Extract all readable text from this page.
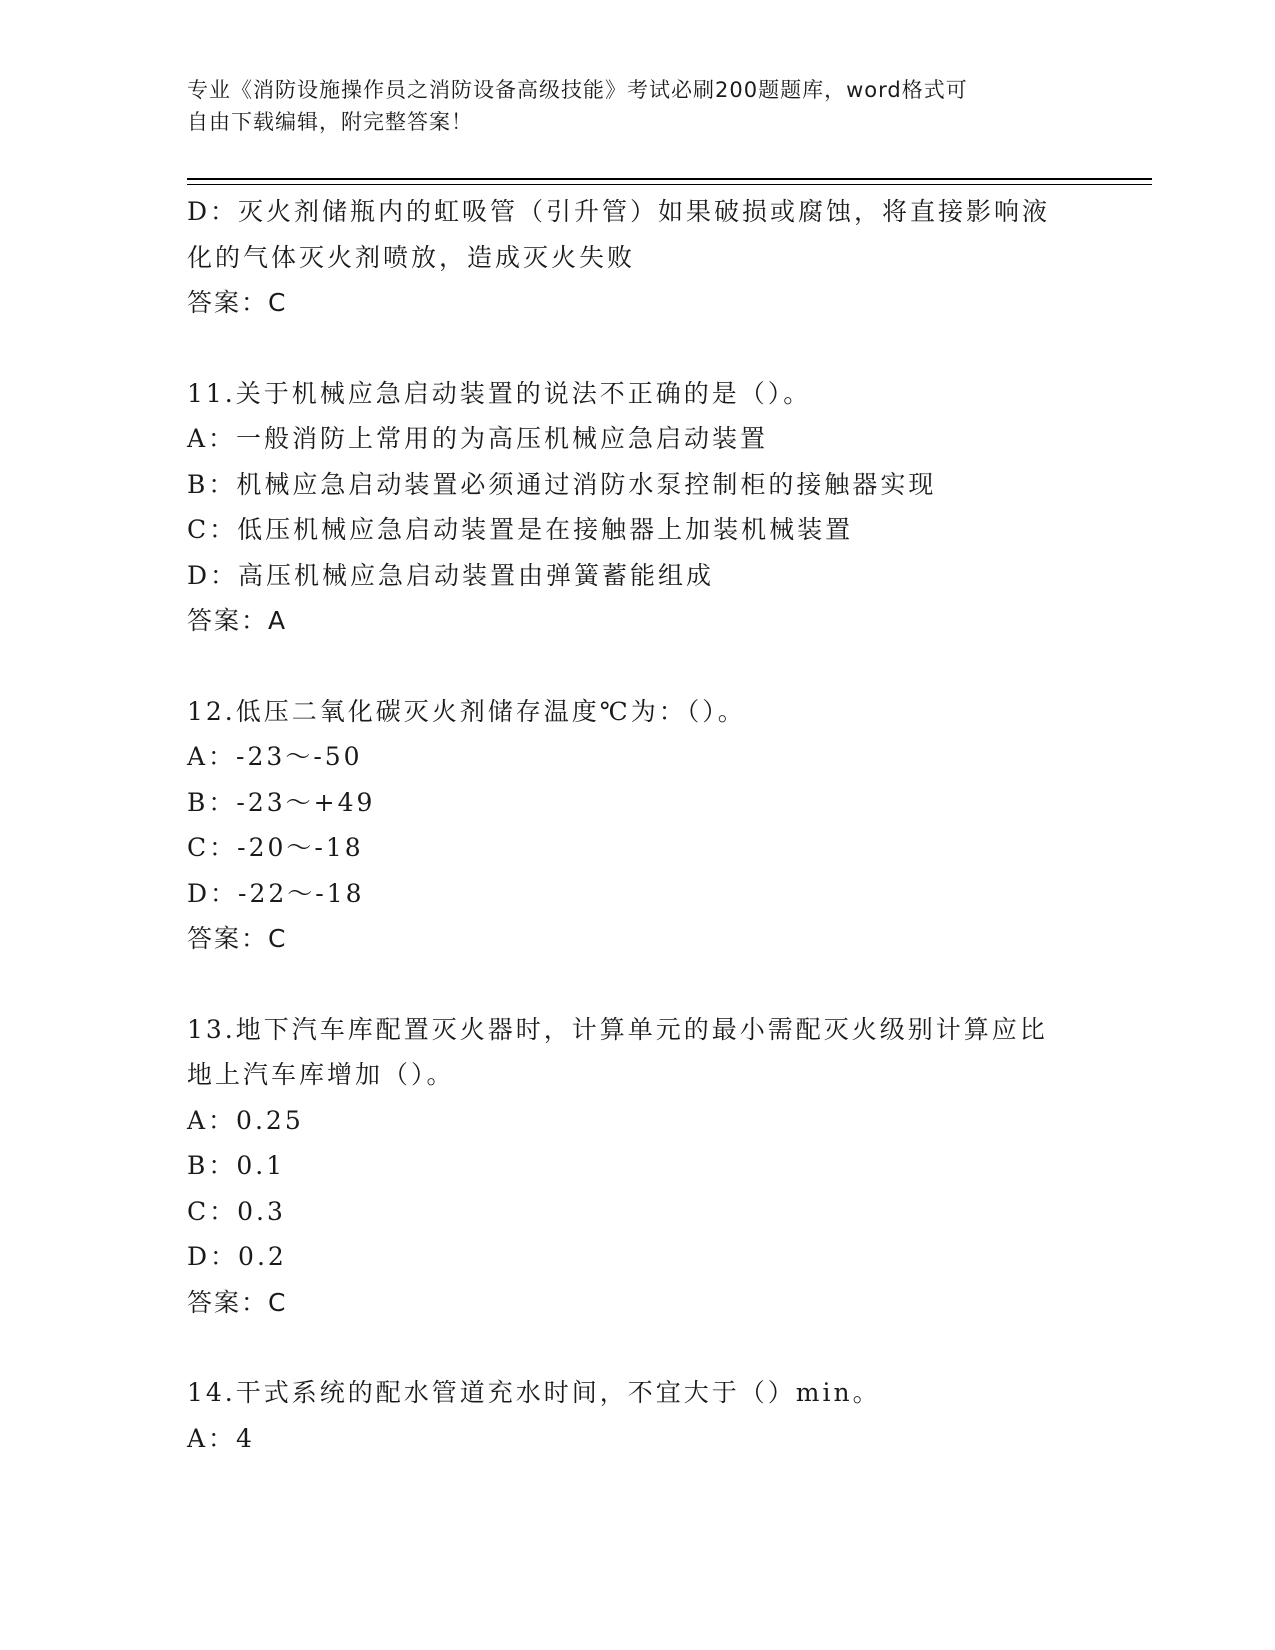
专业《消防设施操作员之消防设备高级技能》考试必刷200题题库，word格式可
自由下载编辑，附完整答案！
D：灭火剂储瓶内的虹吸管（引升管）如果破损或腐蚀，将直接影响液
化的气体灭火剂喷放，造成灭火失败
答案：C
11.关于机械应急启动装置的说法不正确的是（）。
A：一般消防上常用的为高压机械应急启动装置
B：机械应急启动装置必须通过消防水泵控制柜的接触器实现
C：低压机械应急启动装置是在接触器上加装机械装置
D：高压机械应急启动装置由弹簧蓄能组成
答案：A
12.低压二氧化碳灭火剂储存温度℃为：（）。
A：-23～-50
B：-23～+49
C：-20～-18
D：-22～-18
答案：C
13.地下汽车库配置灭火器时，计算单元的最小需配灭火级别计算应比
地上汽车库增加（）。
A：0.25
B：0.1
C：0.3
D：0.2
答案：C
14.干式系统的配水管道充水时间，不宜大于（）min。
A：4
